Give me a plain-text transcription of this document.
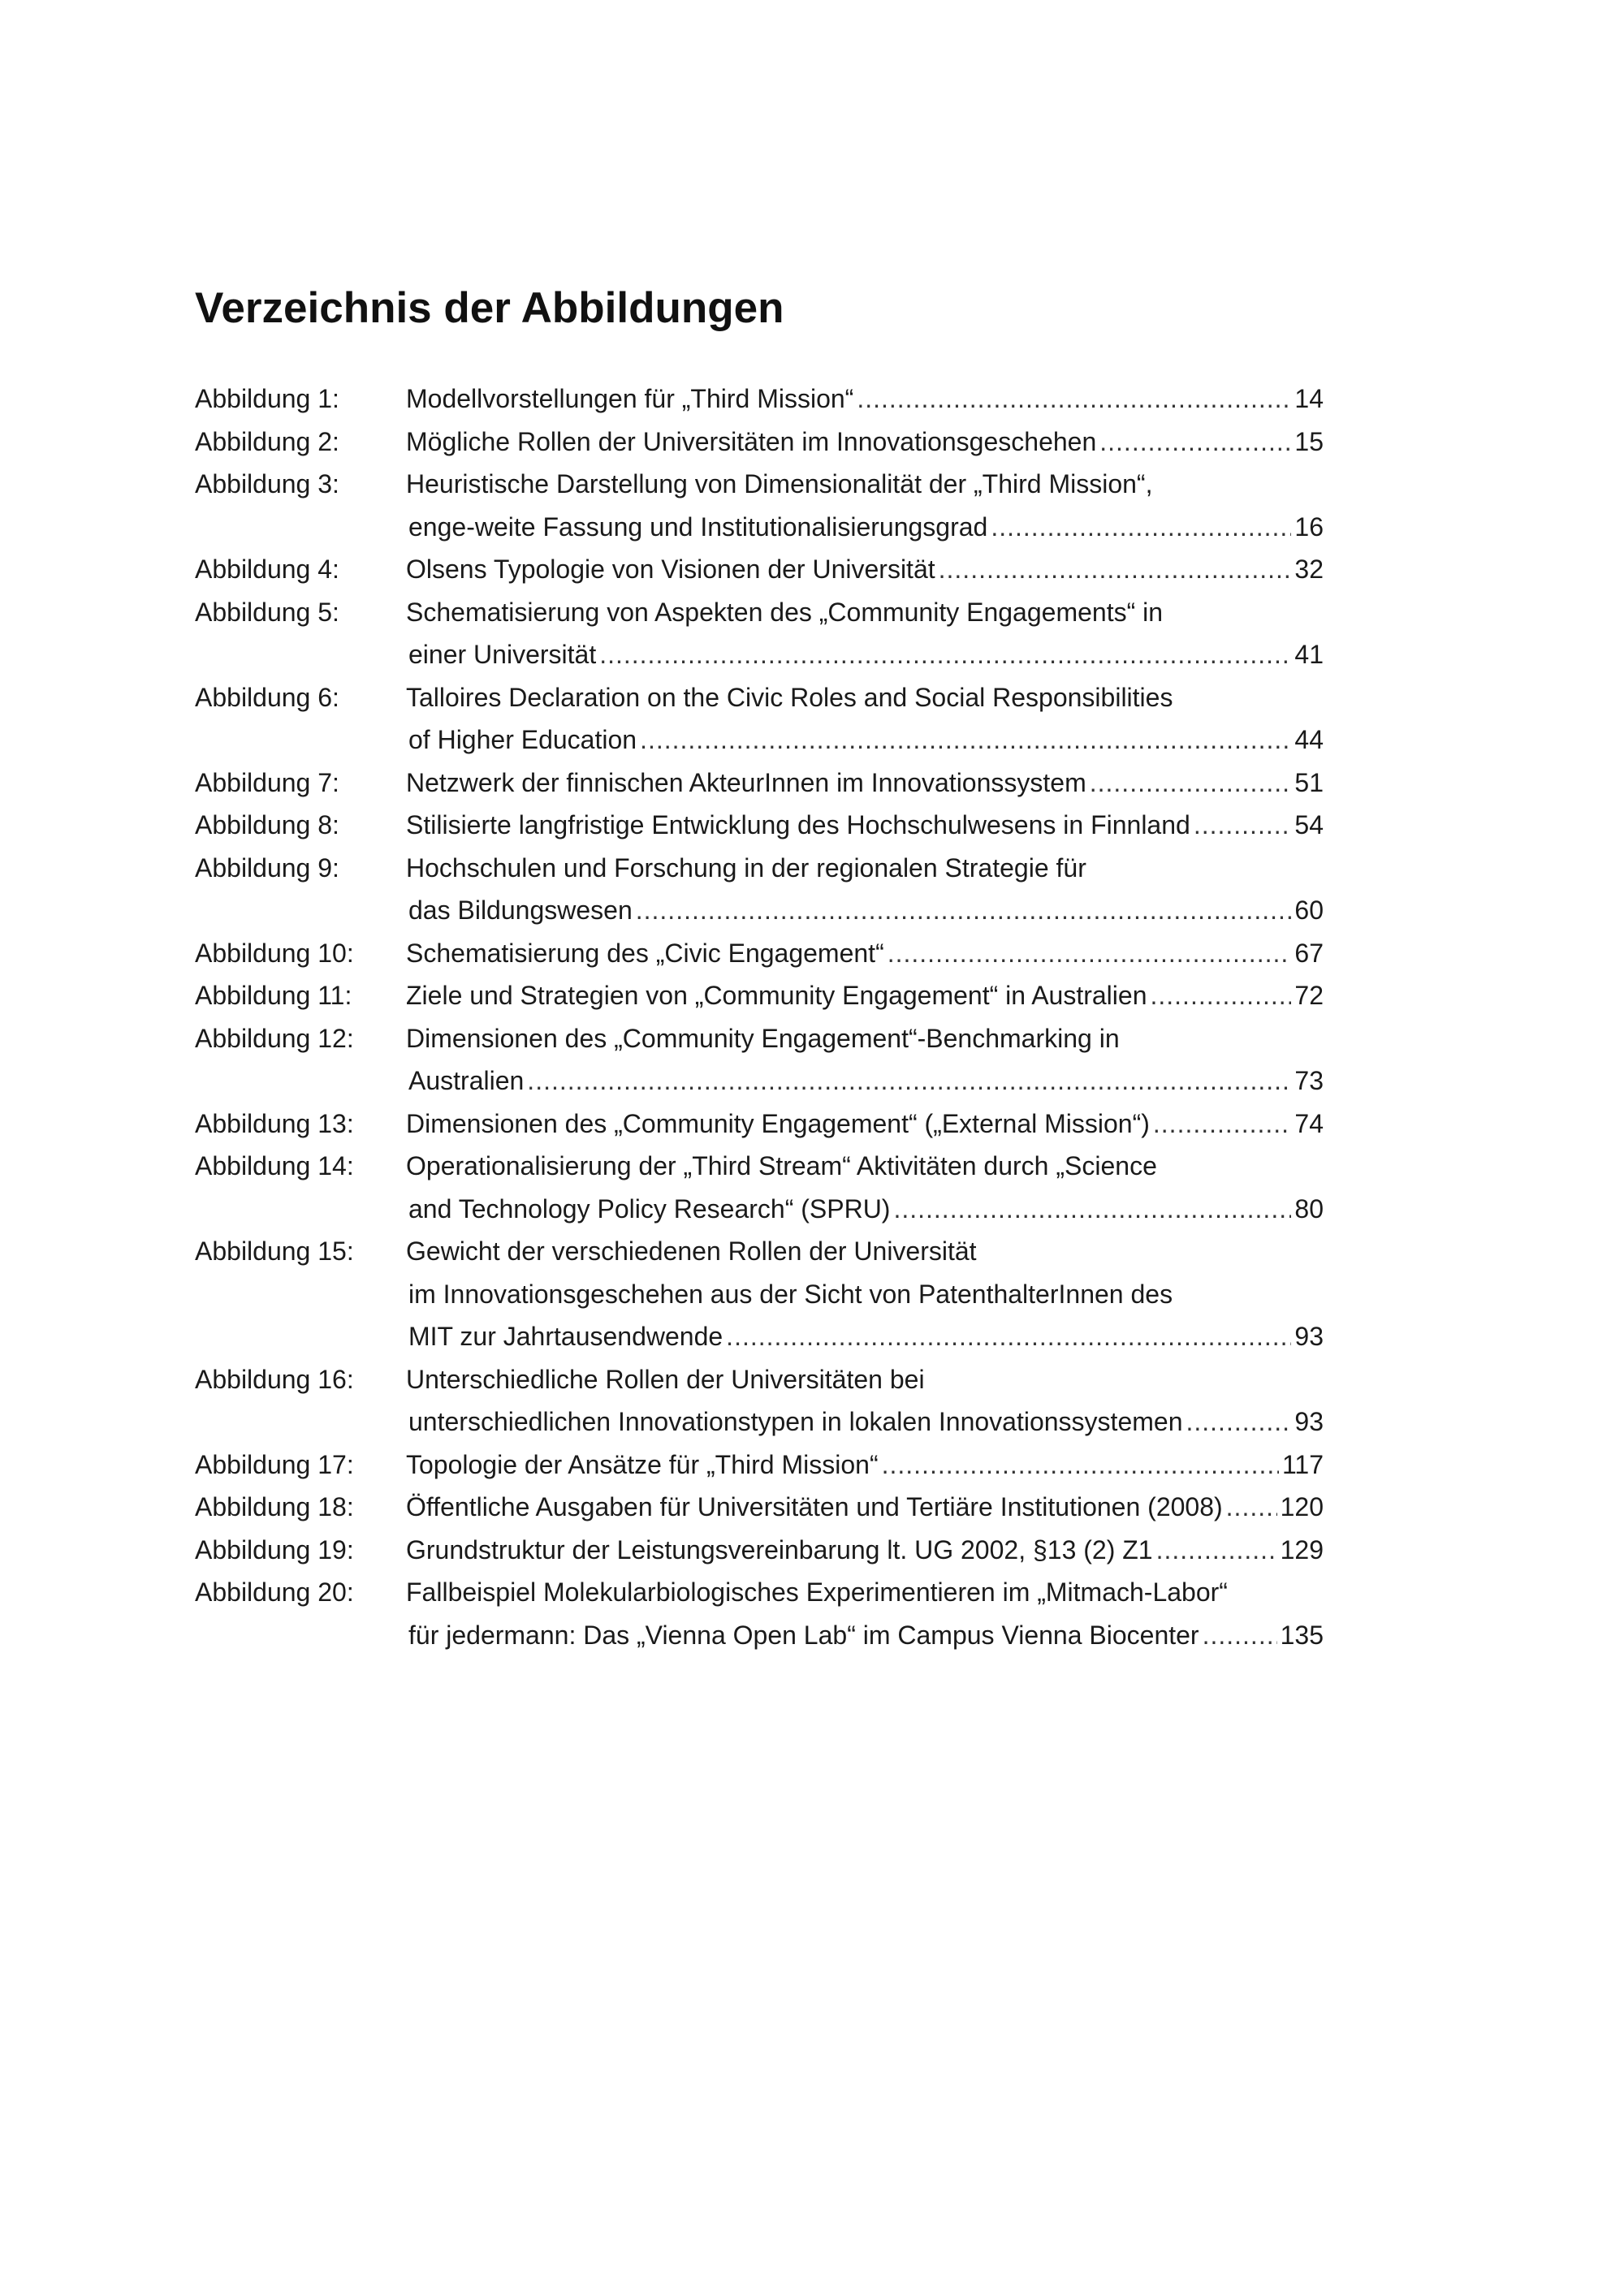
Verzeichnis der Abbildungen
Abbildung 1:	Modellvorstellungen für „Third Mission“ .....	14
Abbildung 2:	Mögliche Rollen der Universitäten im Innovationsgeschehen .....	15
Abbildung 3:	Heuristische Darstellung von Dimensionalität der „Third Mission“,
enge-weite Fassung und Institutionalisierungsgrad .....	16
Abbildung 4:	Olsens Typologie von Visionen der Universität .....	32
Abbildung 5:	Schematisierung von Aspekten des „Community Engagements“ in
einer Universität .....	41
Abbildung 6:	Talloires Declaration on the Civic Roles and Social Responsibilities
of Higher Education .....	44
Abbildung 7:	Netzwerk der finnischen AkteurInnen im Innovationssystem .....	51
Abbildung 8:	Stilisierte langfristige Entwicklung des Hochschulwesens in Finnland .....	54
Abbildung 9:	Hochschulen und Forschung in der regionalen Strategie für
das Bildungswesen .....	60
Abbildung 10:	Schematisierung des „Civic Engagement“ .....	67
Abbildung 11:	Ziele und Strategien von „Community Engagement“ in Australien .....	72
Abbildung 12:	Dimensionen des „Community Engagement“-Benchmarking in
Australien .....	73
Abbildung 13:	Dimensionen des „Community Engagement“ („External Mission“) .....	74
Abbildung 14:	Operationalisierung der „Third Stream“ Aktivitäten durch „Science
and Technology Policy Research“ (SPRU) .....	80
Abbildung 15:	Gewicht der verschiedenen Rollen der Universität
im Innovationsgeschehen aus der Sicht von PatenthalterInnen des
MIT zur Jahrtausendwende .....	93
Abbildung 16:	Unterschiedliche Rollen der Universitäten bei
unterschiedlichen Innovationstypen in lokalen Innovationssystemen .....	93
Abbildung 17:	Topologie der Ansätze für „Third Mission“ .....	117
Abbildung 18:	Öffentliche Ausgaben für Universitäten und Tertiäre Institutionen (2008) ..... 120
Abbildung 19:	Grundstruktur der Leistungsvereinbarung lt. UG 2002, §13 (2) Z1 .....	129
Abbildung 20:	Fallbeispiel Molekularbiologisches Experimentieren im „Mitmach-Labor“
für jedermann: Das „Vienna Open Lab“ im Campus Vienna Biocenter .....	135
